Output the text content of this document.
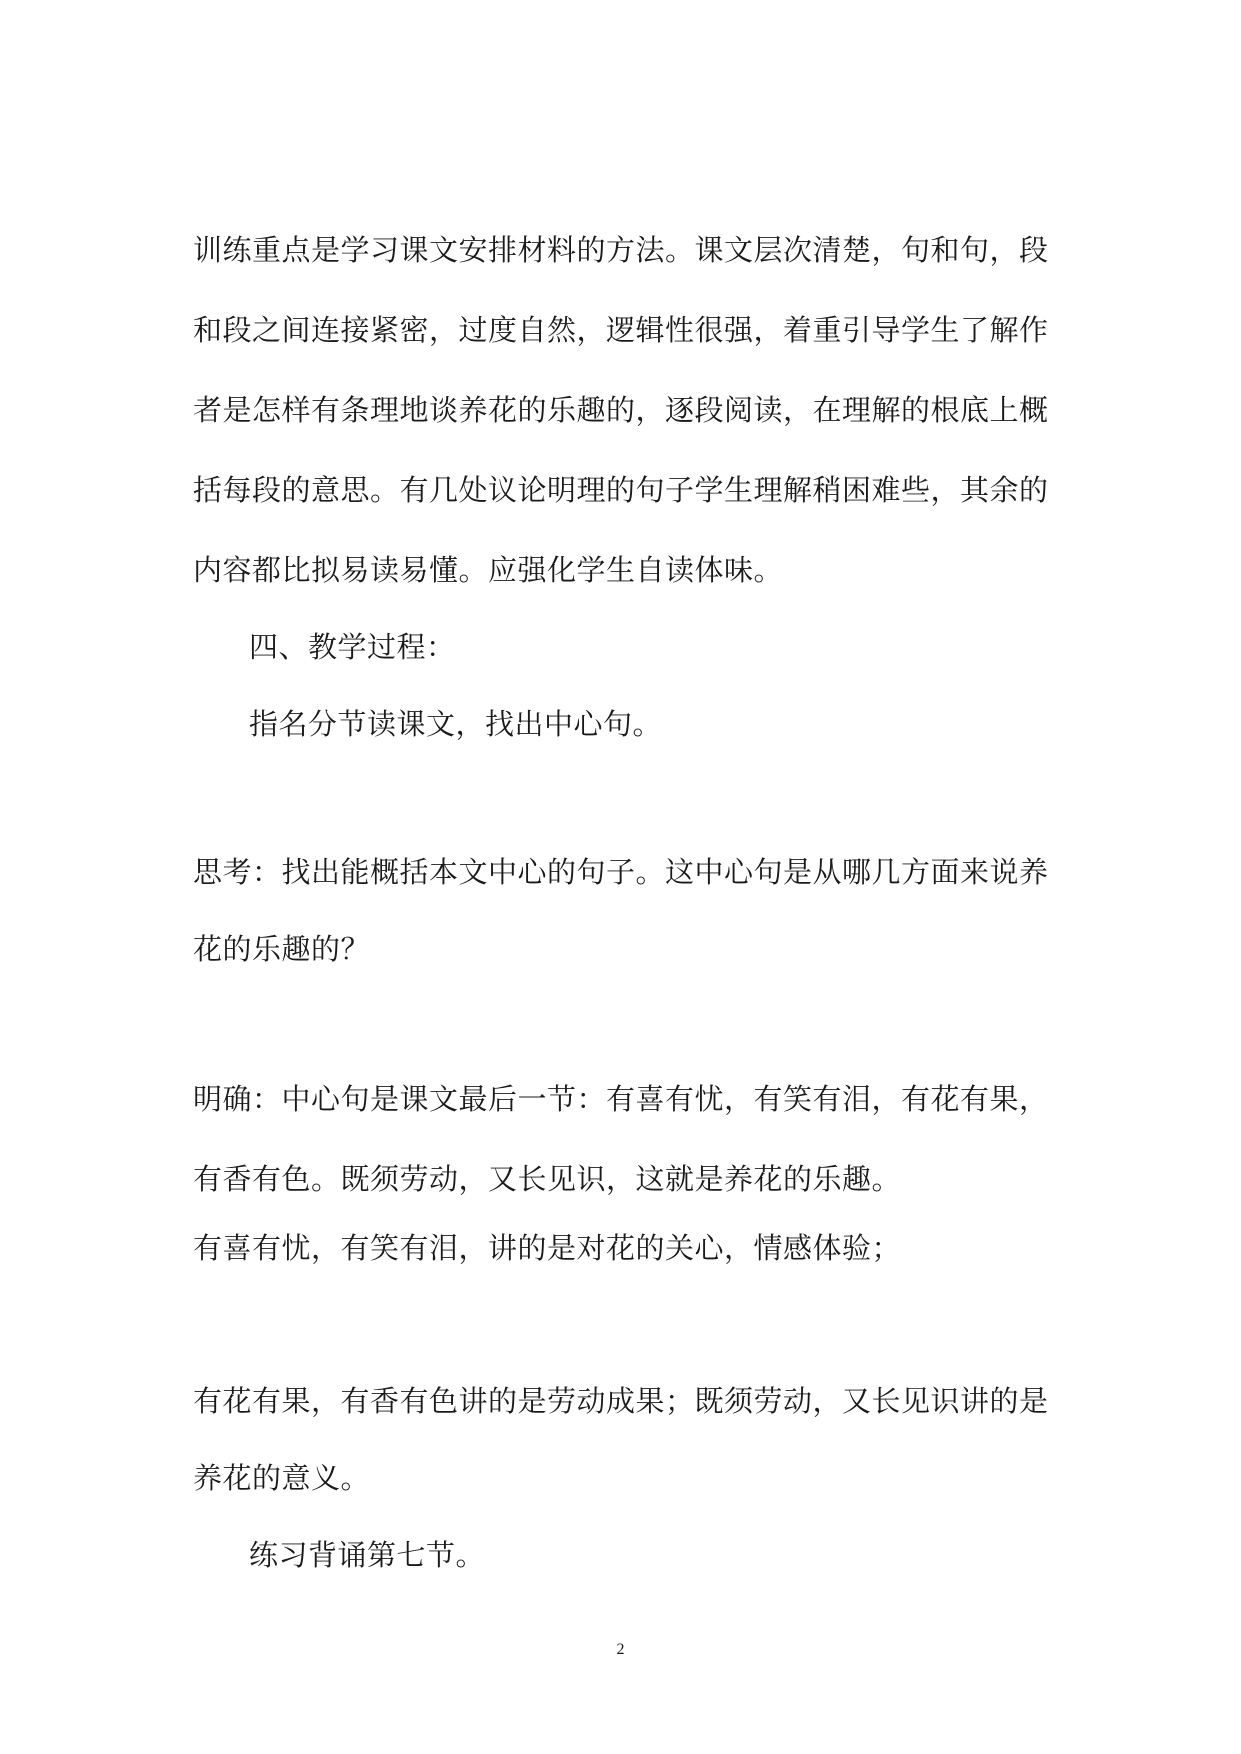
训练重点是学习课文安排材料的方法。课文层次清楚，句和句，段
和段之间连接紧密，过度自然，逻辑性很强，着重引导学生了解作
者是怎样有条理地谈养花的乐趣的，逐段阅读，在理解的根底上概
括每段的意思。有几处议论明理的句子学生理解稍困难些，其余的
内容都比拟易读易懂。应强化学生自读体味。
四、教学过程：
指名分节读课文，找出中心句。
思考：找出能概括本文中心的句子。这中心句是从哪几方面来说养
花的乐趣的？
明确：中心句是课文最后一节：有喜有忧，有笑有泪，有花有果，
有香有色。既须劳动，又长见识，这就是养花的乐趣。
有喜有忧，有笑有泪，讲的是对花的关心，情感体验；
有花有果，有香有色讲的是劳动成果；既须劳动，又长见识讲的是
养花的意义。
练习背诵第七节。
2
